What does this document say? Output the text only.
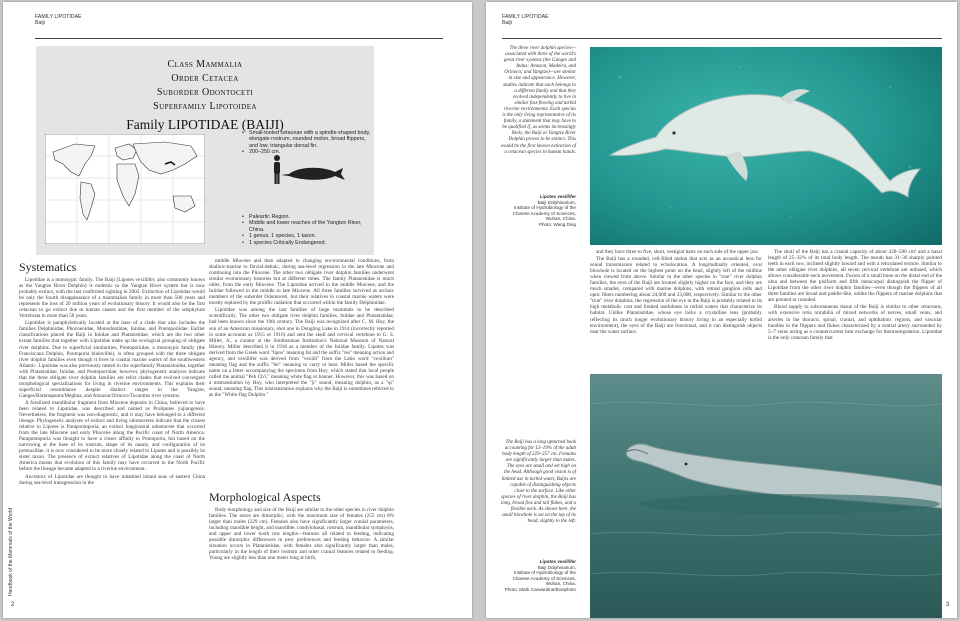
FAMILY LIPOTIDAE
Baiji
Class Mammalia
Order Cetacea
Suborder Odontoceti
Superfamily Lipotoidea
Family LIPOTIDAE (BAIJI)
• Small-tooled cetacean with a spindle-shaped body, elongate rostrum, rounded melon, broad flippers, and low, triangular dorsal fin.
• 200–250 cm.
• Paleartic Region.
• Middle and lower reaches of the Yangtze River, China.
• 1 genus, 1 species, 1 taxon.
• 1 species Critically Endangered.
Systematics

Lipotidae is a monotypic family. The Baiji (Lipotes vexillifer, also commonly known as the Yangtze River Dolphin) is endemic to the Yangtze River system but is now probably extinct, with the last confirmed sighting in 2002. Extinction of Lipotidae would be only the fourth disappearance of a mammalian family in more than 500 years and represents the loss of 20 million years of evolutionary history. It would also be the first cetacean to go extinct due to human causes and the first member of the subphylum Vertebrata in more than 50 years.

Lipotidae is paraphyletically located at the base of a clade that also includes the families Delphinidae, Phocoenidae, Monodontidae, Iniidae, and Pontoporiidae. Earlier classifications placed the Baiji in Iniidae and Platanistidae, which are the two other extant families that together with Lipotidae make up the ecological grouping of obligate river dolphins. Due to superficial similarities, Pontoporiidae, a monotypic family (the Franciscana Dolphin, Pontoporia blainvillei), is often grouped with the three obligate river dolphin families even though it lives in coastal marine waters of the southwestern Atlantic. Lipotidae was also previously nested in the superfamily Platanistoidea, together with Platanistidae, Iniidae, and Pontoporiidae; however, phylogenetic analyses indicate that the three obligate river dolphin families are relict clades that evolved convergent morphological specializations for living in riverine environments. This explains their superficial resemblance despite distinct ranges in the Yangtze, Ganges/Brahmaputra/Meghna, and Amazon/Orinoco/Tocantins river systems.

A fossilized mandibular fragment from Miocene deposits in China, believed to have been related to Lipotidae, was described and named as Prolipotes yujiangensis. Nevertheless, the fragment was non-diagnostic, and it may have belonged to a different lineage. Phylogenetic analyses of extinct and living odontocetes indicate that the closest relative to Lipotes is Parapontoporia, an extinct longirostral odontocete that occurred from the late Miocene and early Pliocene along the Pacific coast of North America. Parapontoporia was thought to have a closer affinity to Pontoporia, but based on the narrowing at the base of its rostrum, shape of its nasals, and configuration of its premaxillae, it is now considered to be more closely related to Lipotes and is possibly its sister taxon. The presence of extinct relatives of Lipotidae along the coast of North America means that evolution of this family may have occurred in the North Pacific before the lineage became adapted to a riverine environment.

Ancestors of Lipotidae are thought to have inhabited inland seas of eastern China during sea-level transgression in the

middle Miocene and then adapted to changing environmental conditions, from shallow-marine to fluvial-deltaic, during sea-level regression in the late Miocene and continuing into the Pliocene. The other two obligate river dolphin families underwent similar evolutionary histories but at different times. The family Platanistidae is much older, from the early Miocene. The Lipotidae arrived in the middle Miocene, and the Iniidae followed in the middle to late Miocene. All three families survived as archaic members of the suborder Odontoceti, but their relatives in coastal marine waters were mostly replaced by the prolific radiation that occurred within the family Delphinidae.

Lipotidae was among the last families of large mammals to be described scientifically. The other two obligate river dolphin families, Iniidae and Platanistidae, had been known since the 19th century. The Baiji was recognized after C. M. Hoy, the son of an American missionary, shot one in Dongting Lake in 1914 (incorrectly reported in some accounts as 1915 or 1916) and sent the skull and cervical vertebrae to G. S. Miller, Jr., a curator at the Smithsonian Institution's National Museum of Natural History. Miller described it in 1918 as a member of the Iniidae family. Lipotes was derived from the Greek word "lipos" meaning fat and the suffix "tes" meaning action and agency, and vexillifer was derived from "vexilli" from the Latin word "vexillum" meaning flag and the suffix "fer" meaning to carry or bear. Miller based the specific name on a letter accompanying the specimen from Hoy, which stated that local people called the animal "Peh Ch'i," meaning white flag or banner. However, this was based on a mistranslation by Hoy, who interpreted the "ji" sound, meaning dolphin, as a "qi" sound, meaning flag. This mistranslation explains why the Baiji is sometimes referred to as the "White-flag Dolphin."

Morphological Aspects

Body morphology and size of the Baiji are similar to the other species in river dolphin families. The sexes are dimorphic, with the maximum size of females (255 cm) 8% larger than males (229 cm). Females also have significantly larger cranial parameters, including mandible height, and mandible, condylobasal, rostrum, mandibular symphysis, and upper and lower tooth row lengths—features all related to feeding, indicating possible dimorphic differences in prey preferences and feeding behavior. A similar situation occurs in Platanistidae, with females also significantly larger than males, particularly in the length of their rostrum and other cranial features related to feeding. Young are slightly less than one meter long at birth,

2
Handbook of the Mammals of the World
FAMILY LIPOTIDAE
Baiji
The three river dolphin species—associated with three of the world's great river systems (the Ganges and Indus; Amazon, Madeira, and Orinoco; and Yangtze)—are similar in size and appearance. However, studies indicate that each belongs to a different family and that they evolved independently to live in similar fast-flowing and turbid riverine environments. Each species is the only living representative of its family, a statement that may have to be qualified if, as seems increasingly likely, the Baiji or Yangtze River Dolphin proves to be extinct. This would be the first known extinction of a cetacean species in human hands.
Lipotes vexillifer
Baiji Dolphinarium,
Institute of Hydrobiology of the
Chinese Academy of Sciences,
Wuhan, China.
Photo: Wang Ding

and they have three to five, short, vestigial hairs on each side of the upper jaw.

The Baiji has a rounded, cell-filled melon that acts as an acoustical lens for sound transmission related to echolocation. A longitudinally oriented, oval blowhole is located on the highest point on the head, slightly left of the midline when viewed from above. Similar to the other species in "true" river dolphin families, the eyes of the Baiji are located slightly higher on the face, and they are much smaller, compared with marine dolphins, with retinal ganglion cells and optic fibers numbering about 24,000 and 23,000, respectively. Similar to the other "true" river dolphins, the regression of the eye in the Baiji is probably related to its high metabolic cost and limited usefulness in turbid waters that characterize its habitat. Unlike Platanistidae, whose eye lacks a crystalline lens (probably reflecting its much longer evolutionary history living in an especially turbid environment), the eyes of the Baiji are functional, and it can distinguish objects near the water surface.

The skull of the Baiji has a cranial capacity of about 430–590 cm³ and a basal length of 25–32% of its total body length. The mouth has 31–36 sharply pointed teeth in each row, inclined slightly inward and with a reticulated texture. Similar to the other obligate river dolphins, all seven cervical vertebrae are unfused, which allows considerable neck movement. Fusion of a small bone on the distal end of the ulna and between the pisiform and fifth metacarpal distinguish the flipper of Lipotidae from the other river dolphin families—even though the flippers of all three families are broad and paddle-like, unlike the flippers of marine dolphins that are pointed or rounded.

Blood supply to subcutaneous tissue of the Baiji is similar to other cetaceans, with extensive retia mirabilia of mixed networks of nerves, small veins, and arteries in the thoracic, spinal, cranial, and ophthalmic regions, and vascular bundles in the flippers and flukes characterized by a central artery surrounded by 5–7 veins acting as a countercurrent heat exchange for thermoregulation. Lipotidae is the only cetacean family that

The Baiji has a long upturned beak accounting for 13–19% of the adult body length of 229–257 cm. Females are significantly larger than males. The eyes are small and set high on the head. Although good vision is of limited use in turbid water, Baijis are capable of distinguishing objects close to the surface. Like other species of river dolphin, the Baiji has long, broad fins and tail flukes, and a flexible neck. As shown here, the small blowhole is set on the top of its head, slightly to the left.
Lipotes vexillifer
Baiji Dolphinarium,
Institute of Hydrobiology of the
Chinese Academy of Sciences,
Wuhan, China.
Photo: Mark Carwardine/Biosphoto
3
